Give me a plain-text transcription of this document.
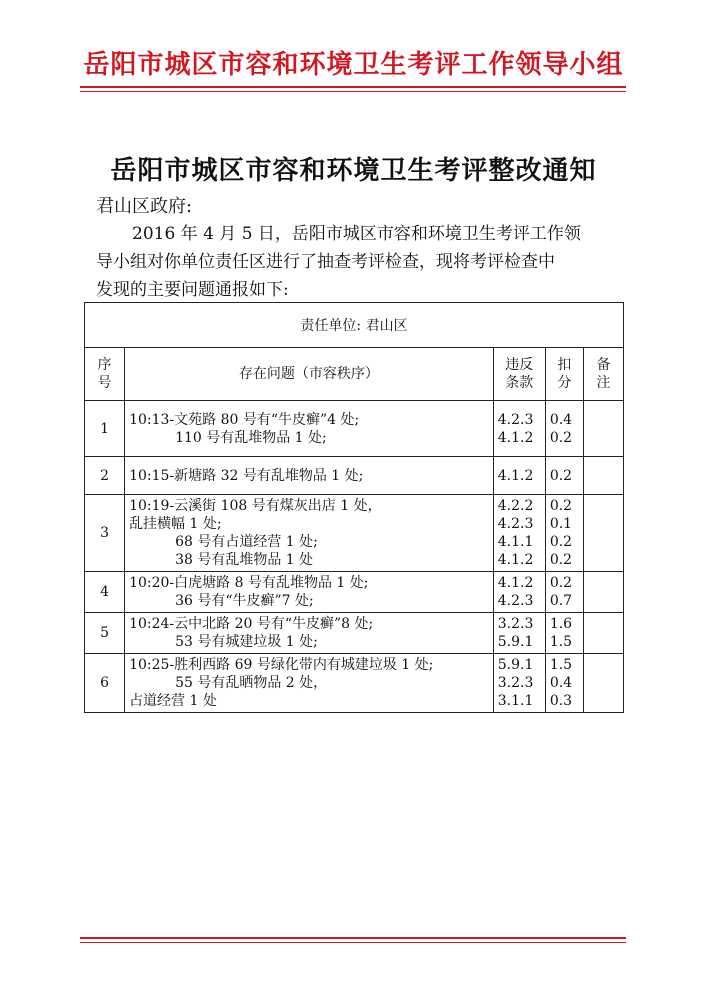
岳阳市城区市容和环境卫生考评工作领导小组
岳阳市城区市容和环境卫生考评整改通知
君山区政府:

2016 年 4 月 5 日，岳阳市城区市容和环境卫生考评工作领
导小组对你单位责任区进行了抽查考评检查，现将考评检查中
发现的主要问题通报如下:

责任单位: 君山区				
序
号	存在问题（市容秩序）	违反
条款	扣
分	备
注
1	10:13-文苑路 80 号有“牛皮癣”4 处;
110 号有乱堆物品 1 处;	4.2.3
4.1.2	0.4
0.2	

2	10:15-新塘路 32 号有乱堆物品 1 处;	4.1.2	0.2	

3	10:19-云溪街 108 号有煤灰出店 1 处，
乱挂横幅 1 处;
68 号有占道经营 1 处;
38 号有乱堆物品 1 处	4.2.2
4.2.3
4.1.1
4.1.2	0.2
0.1
0.2
0.2	

4	10:20-白虎塘路 8 号有乱堆物品 1 处;
36 号有“牛皮癣”7 处;	4.1.2
4.2.3	0.2
0.7	

5	10:24-云中北路 20 号有“牛皮癣”8 处;
53 号有城建垃圾 1 处;	3.2.3
5.9.1	1.6
1.5	

6	10:25-胜利西路 69 号绿化带内有城建垃圾 1 处;
55 号有乱晒物品 2 处，
占道经营 1 处	5.9.1
3.2.3
3.1.1	1.5
0.4
0.3	
